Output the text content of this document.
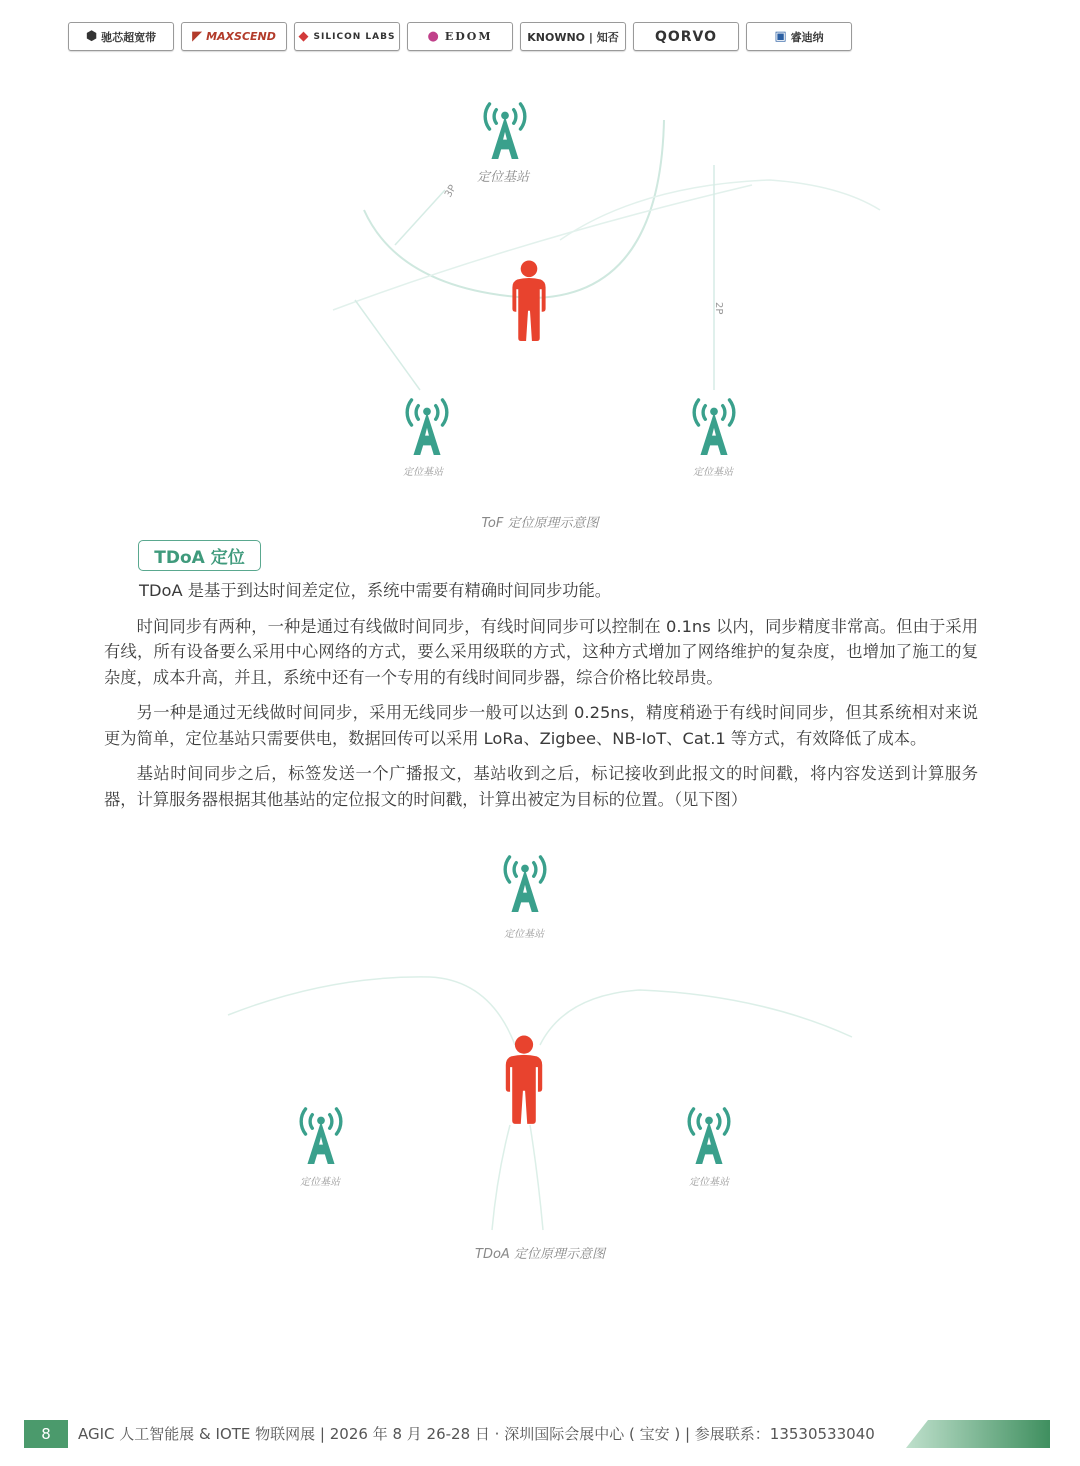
⬢ 驰芯超宽带	◤ MAXSCEND ◆ SILICON LABS ● EDOM	KNOWNO | 知否	QORVO	▣ 睿迪纳
3P
2P
定位基站
定位基站	定位基站
ToF 定位原理示意图
TDoA 定位

TDoA 是基于到达时间差定位，系统中需要有精确时间同步功能。

时间同步有两种，一种是通过有线做时间同步，有线时间同步可以控制在 0.1ns 以内，同步精度非常高。但由于采用有线，所有设备要么采用中心网络的方式，要么采用级联的方式，这种方式增加了网络维护的复杂度，也增加了施工的复杂度，成本升高，并且，系统中还有一个专用的有线时间同步器，综合价格比较昂贵。

另一种是通过无线做时间同步，采用无线同步一般可以达到 0.25ns，精度稍逊于有线时间同步，但其系统相对来说更为简单，定位基站只需要供电，数据回传可以采用 LoRa、Zigbee、NB-IoT、Cat.1 等方式，有效降低了成本。

基站时间同步之后，标签发送一个广播报文，基站收到之后，标记接收到此报文的时间戳，将内容发送到计算服务器，计算服务器根据其他基站的定位报文的时间戳，计算出被定为目标的位置。（见下图）

定位基站
定位基站	定位基站
TDoA 定位原理示意图
8	AGIC 人工智能展 & IOTE 物联网展 | 2026 年 8 月 26-28 日 · 深圳国际会展中心 ( 宝安 ) | 参展联系：13530533040
